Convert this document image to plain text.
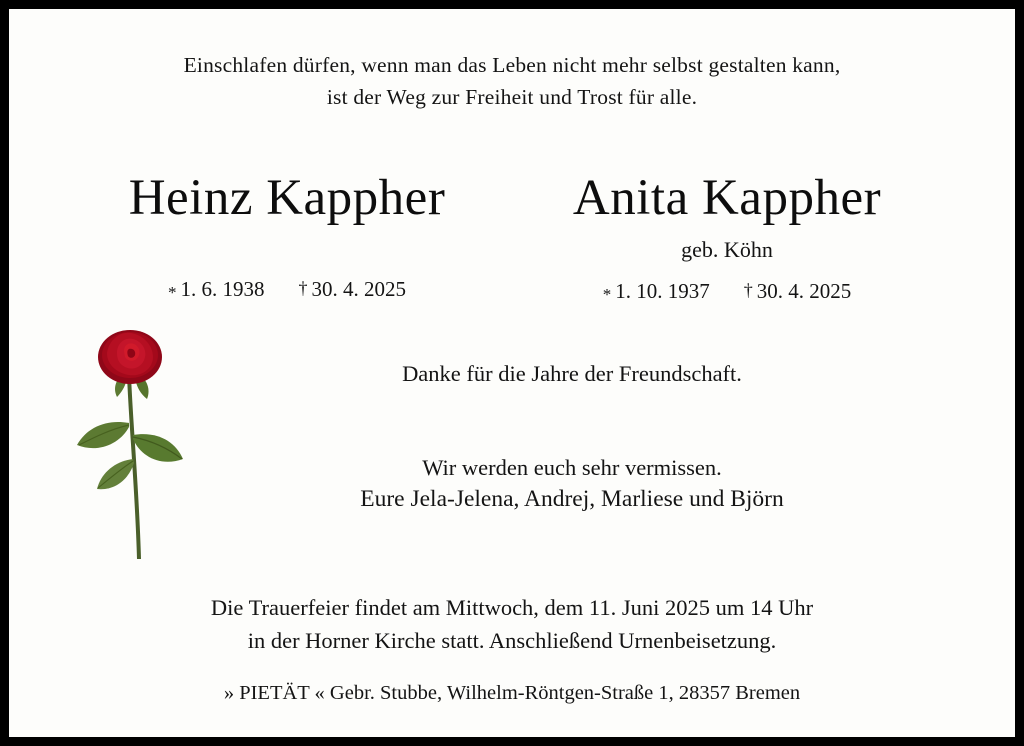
Einschlafen dürfen, wenn man das Leben nicht mehr selbst gestalten kann,
ist der Weg zur Freiheit und Trost für alle.
Heinz Kappher
* 1. 6. 1938 † 30. 4. 2025
Anita Kappher
geb. Köhn
* 1. 10. 1937 † 30. 4. 2025
Danke für die Jahre der Freundschaft.
Wir werden euch sehr vermissen.
Eure Jela-Jelena, Andrej, Marliese und Björn
Die Trauerfeier findet am Mittwoch, dem 11. Juni 2025 um 14 Uhr
in der Horner Kirche statt. Anschließend Urnenbeisetzung.
» PIETÄT « Gebr. Stubbe, Wilhelm-Röntgen-Straße 1, 28357 Bremen
